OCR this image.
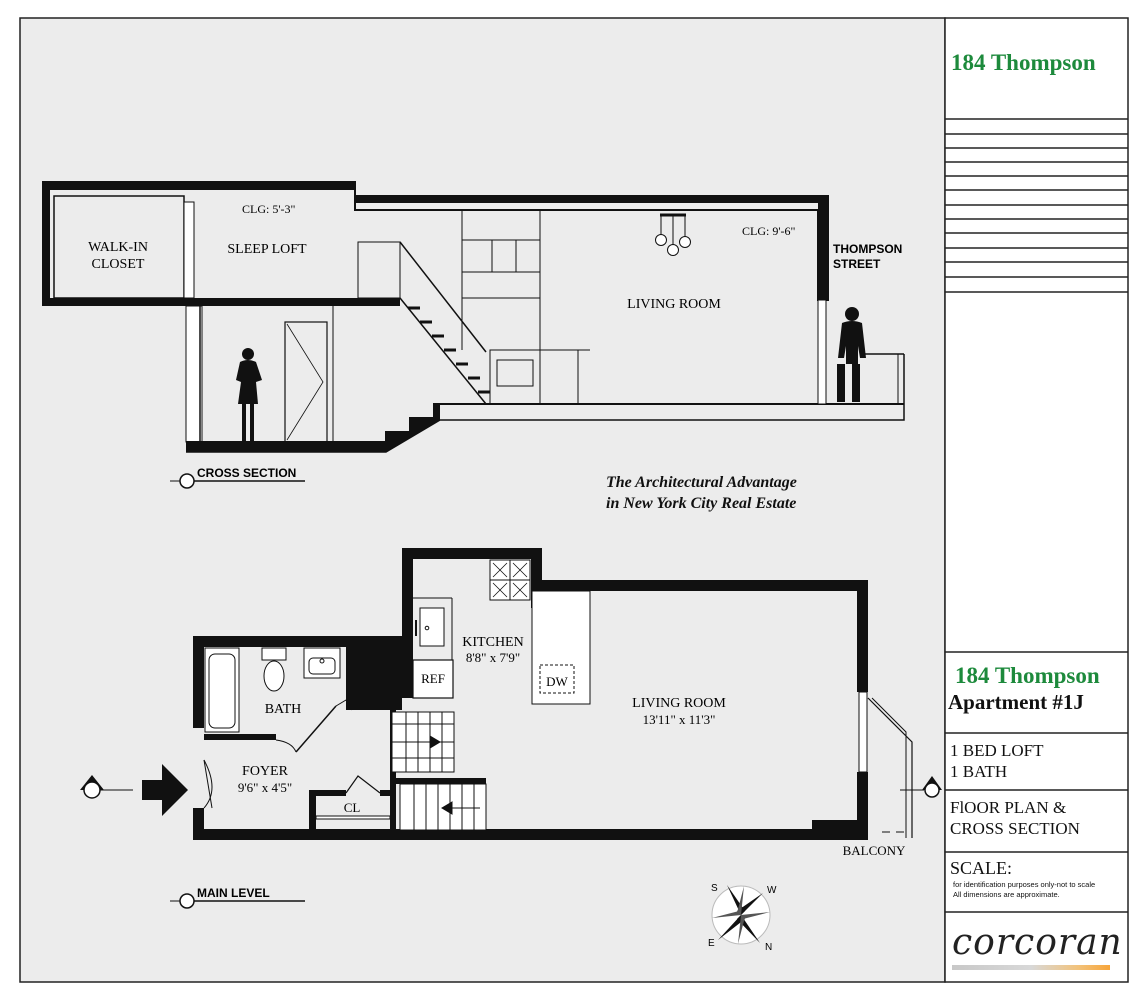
WALK-IN
CLOSET
CLG: 5'-3"
SLEEP LOFT
CLG: 9'-6"
LIVING ROOM
THOMPSON
STREET
CROSS SECTION
KITCHEN
8'8" x 7'9"
REF	DW
LIVING ROOM
13'11" x 11'3"
BATH
FOYER
9'6" x 4'5"
CL
BALCONY
MAIN LEVEL	S	W
E	N
The Architectural Advantage
in New York City Real Estate
184 Thompson
184 Thompson
Apartment #1J
1 BED LOFT
1 BATH
FlOOR PLAN &
CROSS SECTION
SCALE:
for identification purposes only-not to scale
All dimensions are approximate.
corcoran
